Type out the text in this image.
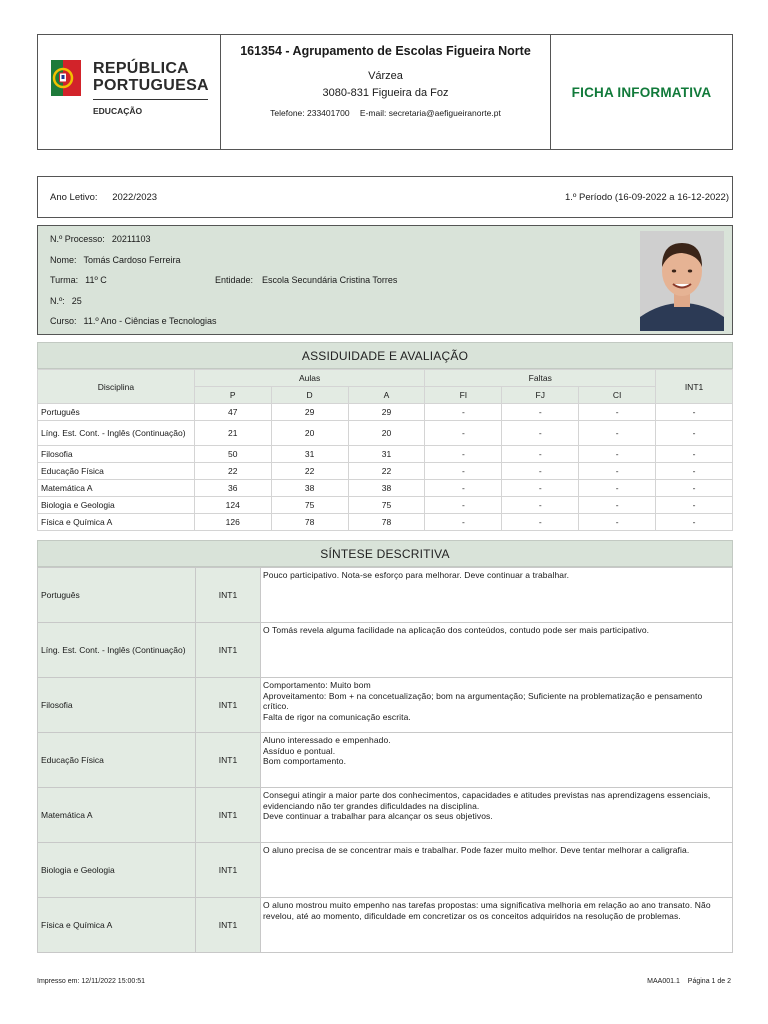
REPÚBLICA
PORTUGUESA
EDUCAÇÃO
161354 - Agrupamento de Escolas Figueira Norte
Várzea
3080-831 Figueira da Foz
Telefone: 233401700 E-mail: secretaria@aefigueiranorte.pt
FICHA INFORMATIVA
Ano Letivo: 2022/2023	1.º Período (16-09-2022 a 16-12-2022)
N.º Processo: 20211103
Nome: Tomás Cardoso Ferreira
Turma: 11º C	Entidade: Escola Secundária Cristina Torres
N.º: 25
Curso: 11.º Ano - Ciências e Tecnologias
ASSIDUIDADE E AVALIAÇÃO
Disciplina	Aulas			Faltas			INT1
	P	D	A	FI	FJ	CI	
Português	47	29	29	-	-	-	-
Líng. Est. Cont. - Inglês (Continuação)	21	20	20	-	-	-	-
Filosofia	50	31	31	-	-	-	-
Educação Física	22	22	22	-	-	-	-
Matemática A	36	38	38	-	-	-	-
Biologia e Geologia	124	75	75	-	-	-	-
Física e Química A	126	78	78	-	-	-	-
SÍNTESE DESCRITIVA
Português	INT1	Pouco participativo. Nota-se esforço para melhorar. Deve continuar a trabalhar.

Líng. Est. Cont. - Inglês (Continuação)	INT1	O Tomás revela alguma facilidade na aplicação dos conteúdos, contudo pode ser mais participativo.

Filosofia	INT1	Comportamento: Muito bom
Aproveitamento: Bom + na concetualização; bom na argumentação; Suficiente na problematização e pensamento crítico.
Falta de rigor na comunicação escrita.

Educação Física	INT1	Aluno interessado e empenhado.
Assíduo e pontual.
Bom comportamento.

Matemática A	INT1	Consegui atingir a maior parte dos conhecimentos, capacidades e atitudes previstas nas aprendizagens essenciais, evidenciando não ter grandes dificuldades na disciplina.
Deve continuar a trabalhar para alcançar os seus objetivos.

Biologia e Geologia	INT1	O aluno precisa de se concentrar mais e trabalhar. Pode fazer muito melhor. Deve tentar melhorar a caligrafia.

Física e Química A	INT1	O aluno mostrou muito empenho nas tarefas propostas: uma significativa melhoria em relação ao ano transato. Não revelou, até ao momento, dificuldade em concretizar os os conceitos adquiridos na resolução de problemas.
Impresso em: 12/11/2022 15:00:51	MAA001.1 Página 1 de 2
